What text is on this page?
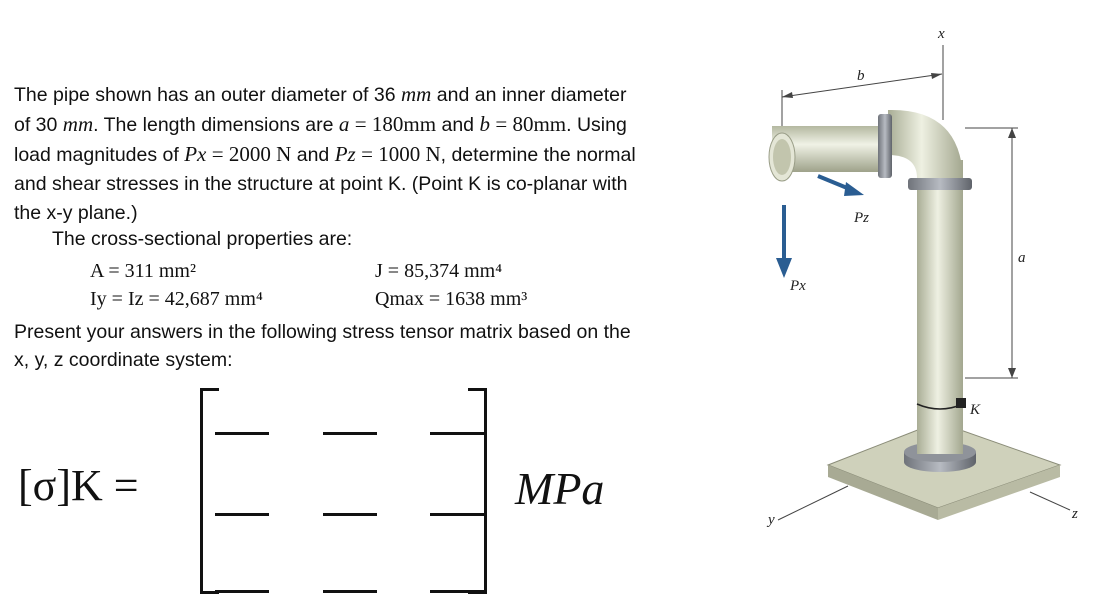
The pipe shown has an outer diameter of 36 mm and an inner diameter

of 30 mm. The length dimensions are a = 180mm and b = 80mm. Using

load magnitudes of Px = 2000 N and Pz = 1000 N, determine the normal

and shear stresses in the structure at point K. (Point K is co-planar with

the x-y plane.)

The cross-sectional properties are:
A = 311 mm²	J = 85,374 mm⁴
Iy = Iz = 42,687 mm⁴	Qmax = 1638 mm³
Present your answers in the following stress tensor matrix based on the
x, y, z coordinate system:
[σ]K =	MPa
x
b
a
y	z
K
Pz
Px
